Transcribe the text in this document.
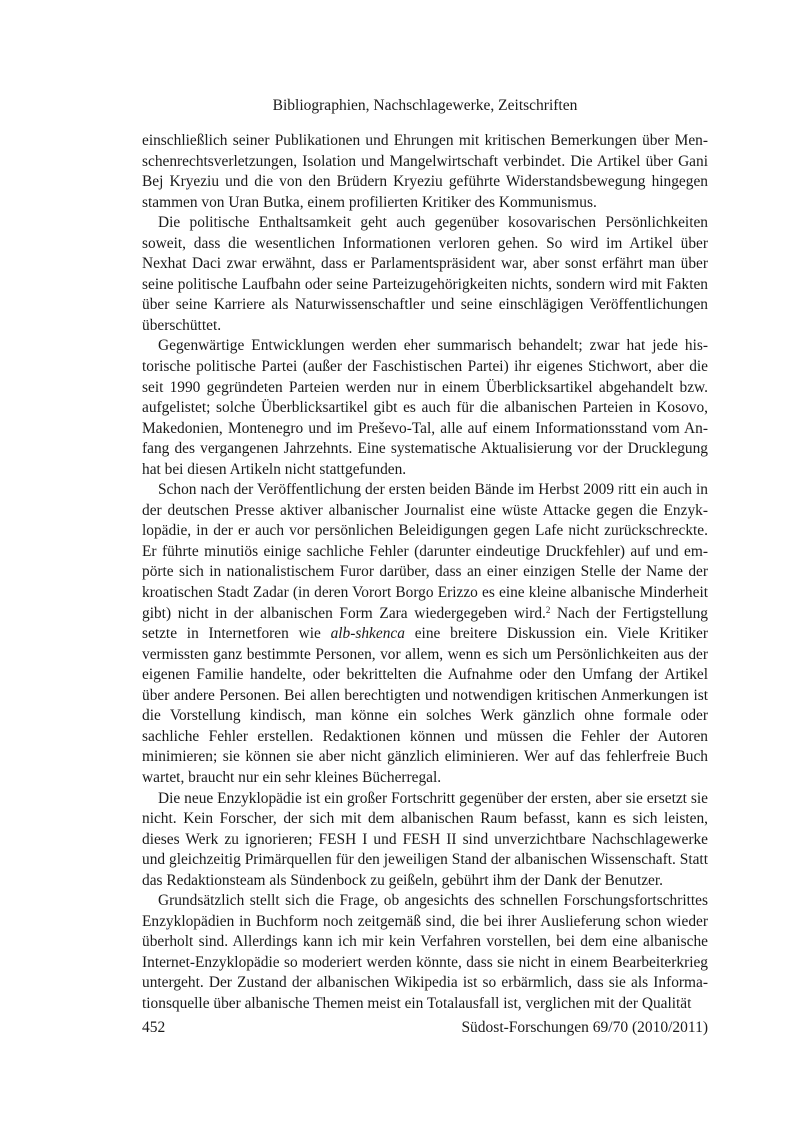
Bibliographien, Nachschlagewerke, Zeitschriften

einschließlich seiner Publikationen und Ehrungen mit kritischen Bemerkungen über Menschenrechtsverletzungen, Isolation und Mangelwirtschaft verbindet. Die Artikel über Gani Bej Kryeziu und die von den Brüdern Kryeziu geführte Widerstandsbewegung hingegen stammen von Uran Butka, einem profilierten Kritiker des Kommunismus.

Die politische Enthaltsamkeit geht auch gegenüber kosovarischen Persönlichkeiten soweit, dass die wesentlichen Informationen verloren gehen. So wird im Artikel über Nexhat Daci zwar erwähnt, dass er Parlamentspräsident war, aber sonst erfährt man über seine politische Laufbahn oder seine Parteizugehörigkeiten nichts, sondern wird mit Fakten über seine Karriere als Naturwissenschaftler und seine einschlägigen Veröffentlichungen überschüttet.

Gegenwärtige Entwicklungen werden eher summarisch behandelt; zwar hat jede historische politische Partei (außer der Faschistischen Partei) ihr eigenes Stichwort, aber die seit 1990 gegründeten Parteien werden nur in einem Überblicksartikel abgehandelt bzw. aufgelistet; solche Überblicksartikel gibt es auch für die albanischen Parteien in Kosovo, Makedonien, Montenegro und im Preševo-Tal, alle auf einem Informationsstand vom Anfang des vergangenen Jahrzehnts. Eine systematische Aktualisierung vor der Drucklegung hat bei diesen Artikeln nicht stattgefunden.

Schon nach der Veröffentlichung der ersten beiden Bände im Herbst 2009 ritt ein auch in der deutschen Presse aktiver albanischer Journalist eine wüste Attacke gegen die Enzyklopädie, in der er auch vor persönlichen Beleidigungen gegen Lafe nicht zurückschreckte. Er führte minutiös einige sachliche Fehler (darunter eindeutige Druckfehler) auf und empörte sich in nationalistischem Furor darüber, dass an einer einzigen Stelle der Name der kroatischen Stadt Zadar (in deren Vorort Borgo Erizzo es eine kleine albanische Minderheit gibt) nicht in der albanischen Form Zara wiedergegeben wird.$^2$ Nach der Fertigstellung setzte in Internetforen wie alb-shkenca eine breitere Diskussion ein. Viele Kritiker vermissten ganz bestimmte Personen, vor allem, wenn es sich um Persönlichkeiten aus der eigenen Familie handelte, oder bekrittelten die Aufnahme oder den Umfang der Artikel über andere Personen. Bei allen berechtigten und notwendigen kritischen Anmerkungen ist die Vorstellung kindisch, man könne ein solches Werk gänzlich ohne formale oder sachliche Fehler erstellen. Redaktionen können und müssen die Fehler der Autoren minimieren; sie können sie aber nicht gänzlich eliminieren. Wer auf das fehlerfreie Buch wartet, braucht nur ein sehr kleines Bücherregal.

Die neue Enzyklopädie ist ein großer Fortschritt gegenüber der ersten, aber sie ersetzt sie nicht. Kein Forscher, der sich mit dem albanischen Raum befasst, kann es sich leisten, dieses Werk zu ignorieren; FESH I und FESH II sind unverzichtbare Nachschlagewerke und gleichzeitig Primärquellen für den jeweiligen Stand der albanischen Wissenschaft. Statt das Redaktionsteam als Sündenbock zu geißeln, gebührt ihm der Dank der Benutzer.

Grundsätzlich stellt sich die Frage, ob angesichts des schnellen Forschungsfortschrittes Enzyklopädien in Buchform noch zeitgemäß sind, die bei ihrer Auslieferung schon wieder überholt sind. Allerdings kann ich mir kein Verfahren vorstellen, bei dem eine albanische Internet-Enzyklopädie so moderiert werden könnte, dass sie nicht in einem Bearbeiterkrieg untergeht. Der Zustand der albanischen Wikipedia ist so erbärmlich, dass sie als Informationsquelle über albanische Themen meist ein Totalausfall ist, verglichen mit der Qualität

452	Südost-Forschungen 69/70 (2010/2011)
